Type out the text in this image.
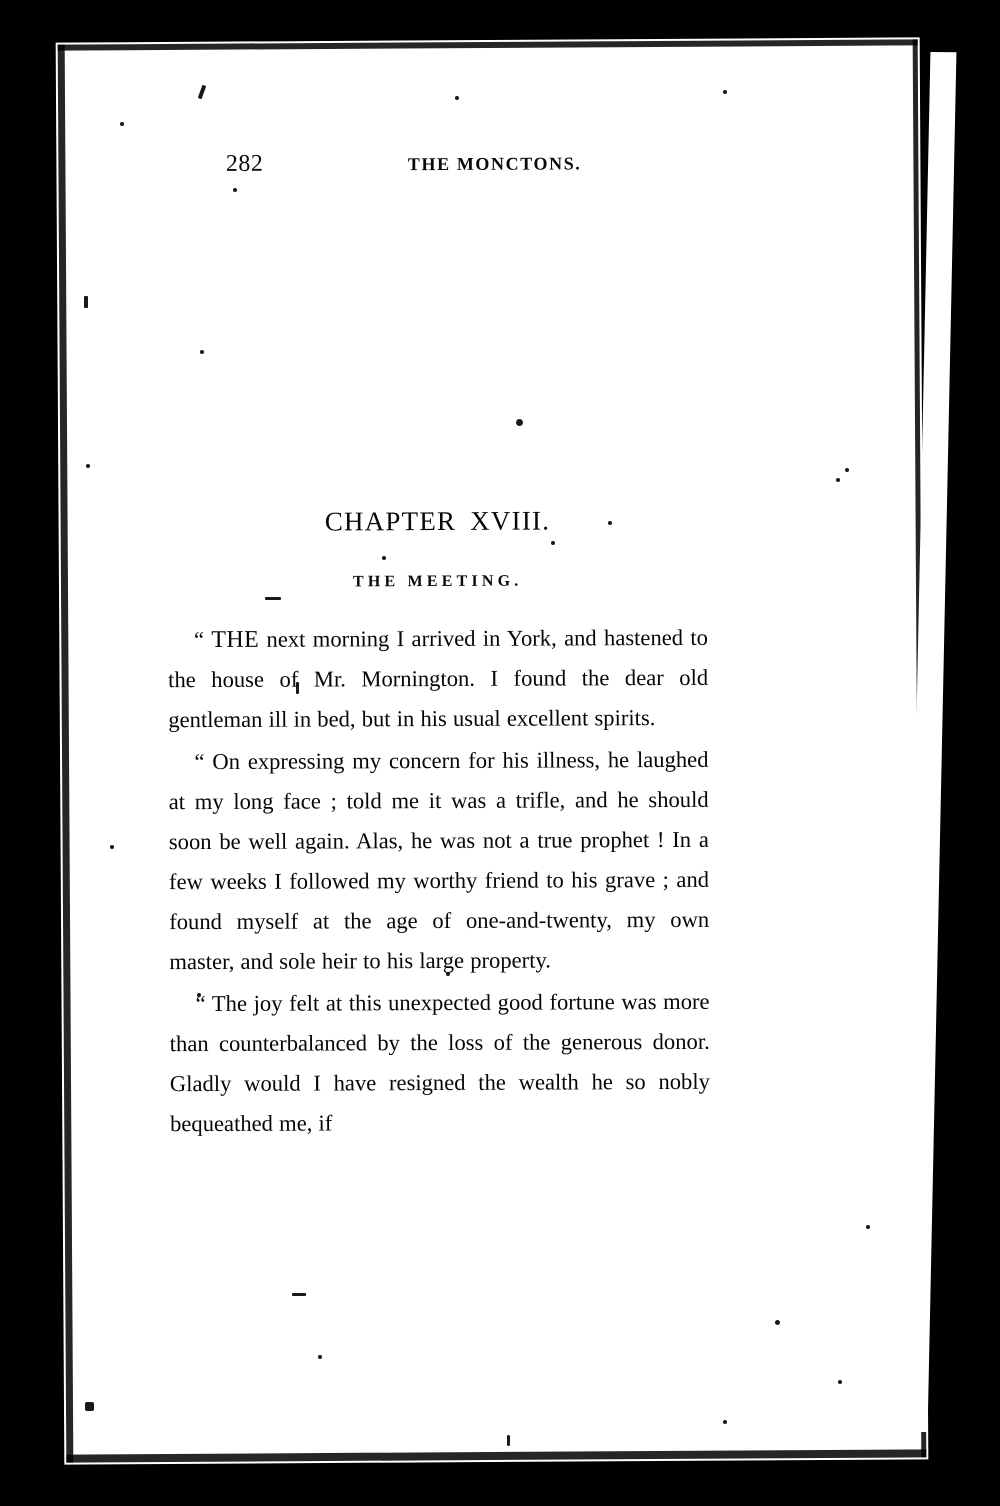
282	THE MONCTONS.
CHAPTER XVIII.
THE MEETING.

“ THE next morning I arrived in York, and hastened to the house of Mr. Mornington. I found the dear old gentleman ill in bed, but in his usual excellent spirits.

“ On expressing my concern for his illness, he laughed at my long face ; told me it was a trifle, and he should soon be well again. Alas, he was not a true prophet ! In a few weeks I followed my worthy friend to his grave ; and found myself at the age of one-and-twenty, my own master, and sole heir to his large property.

“ The joy felt at this unexpected good fortune was more than counterbalanced by the loss of the generous donor. Gladly would I have resigned the wealth he so nobly bequeathed me, if
